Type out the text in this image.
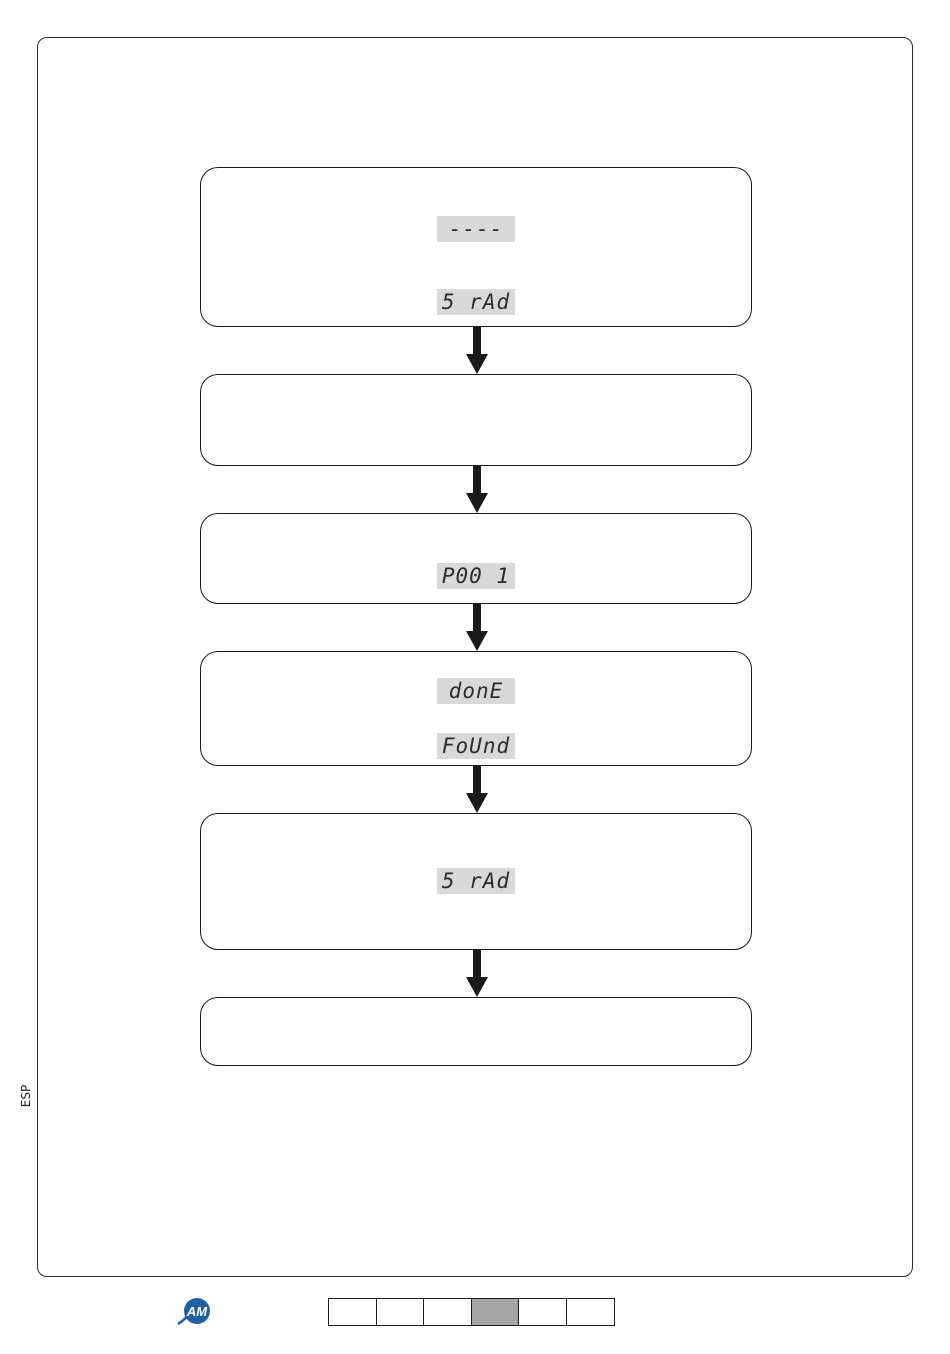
----
5 rAd
P00 1
donE
FoUnd
5 rAd
ESP
AM
